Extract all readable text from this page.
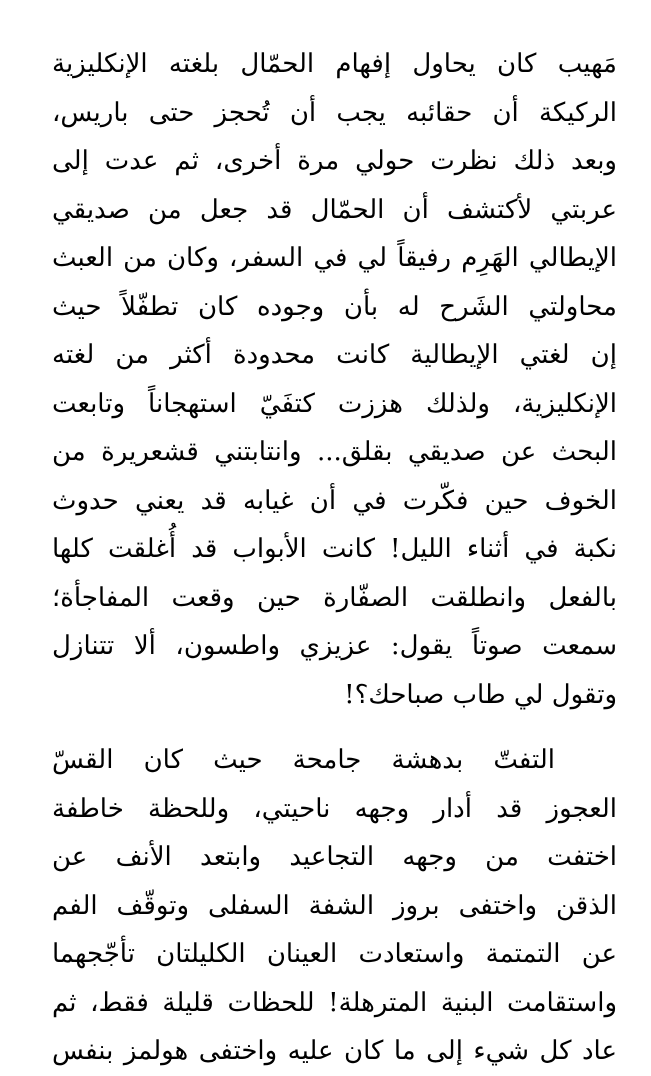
مَهيب كان يحاول إفهام الحمّال بلغته الإنكليزية
الركيكة أن حقائبه يجب أن تُحجز حتى باريس،
وبعد ذلك نظرت حولي مرة أخرى، ثم عدت إلى
عربتي لأكتشف أن الحمّال قد جعل من صديقي
الإيطالي الهَرِم رفيقاً لي في السفر، وكان من العبث
محاولتي الشَرح له بأن وجوده كان تطفّلاً حيث
إن لغتي الإيطالية كانت محدودة أكثر من لغته
الإنكليزية، ولذلك هززت كتفَيّ استهجاناً وتابعت
البحث عن صديقي بقلق... وانتابتني قشعريرة من
الخوف حين فكّرت في أن غيابه قد يعني حدوث
نكبة في أثناء الليل! كانت الأبواب قد أُغلقت كلها
بالفعل وانطلقت الصفّارة حين وقعت المفاجأة؛
سمعت صوتاً يقول: عزيزي واطسون، ألا تتنازل
وتقول لي طاب صباحك؟!
التفتّ بدهشة جامحة حيث كان القسّ
العجوز قد أدار وجهه ناحيتي، وللحظة خاطفة
اختفت من وجهه التجاعيد وابتعد الأنف عن
الذقن واختفى بروز الشفة السفلى وتوقّف الفم
عن التمتمة واستعادت العينان الكليلتان تأجّجهما
واستقامت البنية المترهلة! للحظات قليلة فقط، ثم
عاد كل شيء إلى ما كان عليه واختفى هولمز بنفس
